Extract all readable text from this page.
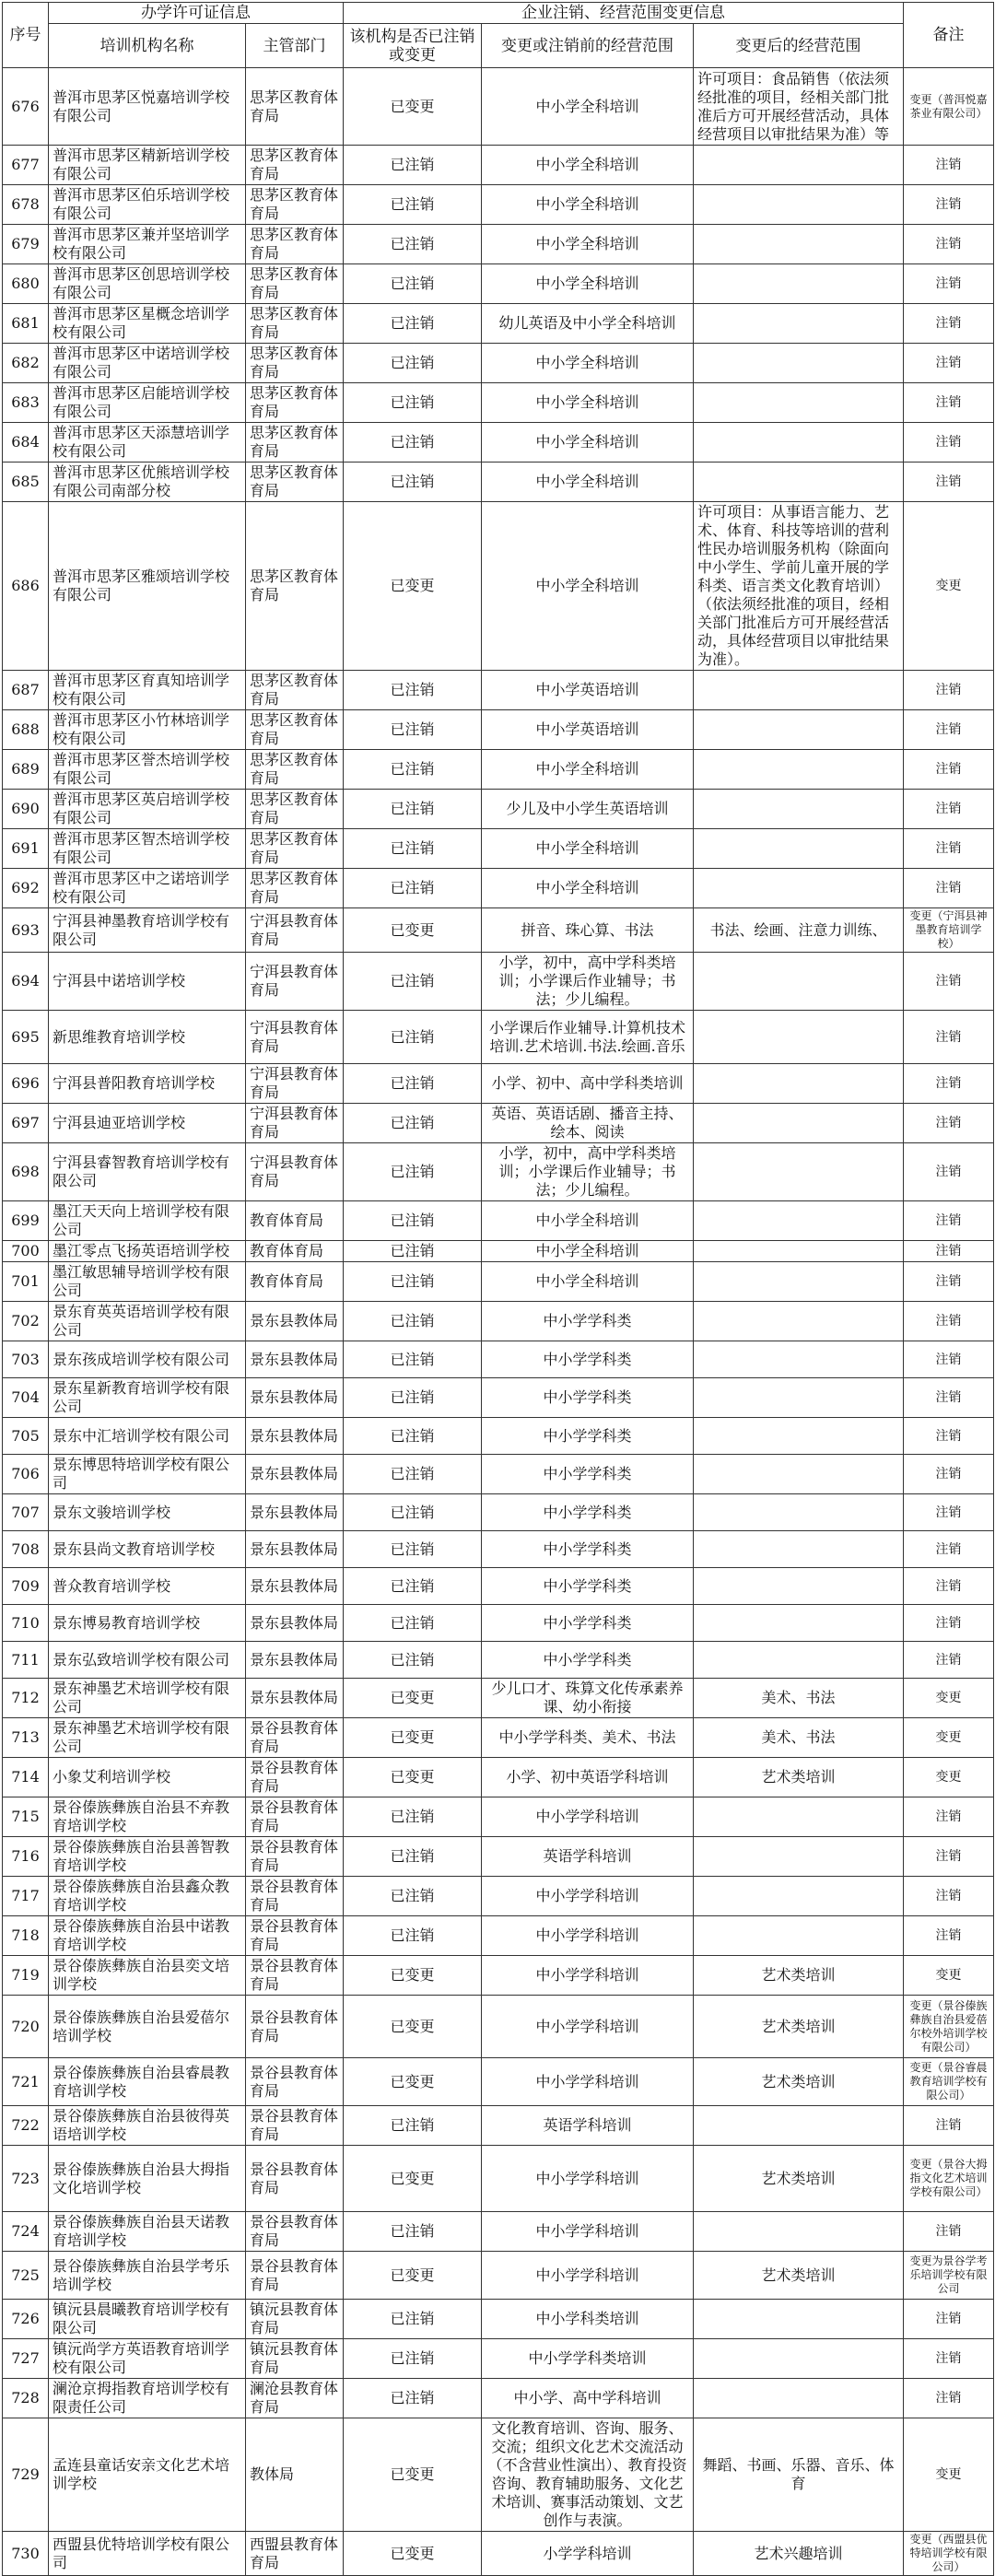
序号	办学许可证信息		企业注销、经营范围变更信息			备注
	培训机构名称	主管部门	该机构是否已注销或变更	变更或注销前的经营范围	变更后的经营范围	
676	普洱市思茅区悦嘉培训学校有限公司	思茅区教育体育局	已变更	中小学全科培训	许可项目：食品销售（依法须经批准的项目，经相关部门批准后方可开展经营活动，具体经营项目以审批结果为准）等	变更（普洱悦嘉茶业有限公司）
677	普洱市思茅区精新培训学校有限公司	思茅区教育体育局	已注销	中小学全科培训		注销
678	普洱市思茅区伯乐培训学校有限公司	思茅区教育体育局	已注销	中小学全科培训		注销
679	普洱市思茅区兼并坚培训学校有限公司	思茅区教育体育局	已注销	中小学全科培训		注销
680	普洱市思茅区创思培训学校有限公司	思茅区教育体育局	已注销	中小学全科培训		注销
681	普洱市思茅区星概念培训学校有限公司	思茅区教育体育局	已注销	幼儿英语及中小学全科培训		注销
682	普洱市思茅区中诺培训学校有限公司	思茅区教育体育局	已注销	中小学全科培训		注销
683	普洱市思茅区启能培训学校有限公司	思茅区教育体育局	已注销	中小学全科培训		注销
684	普洱市思茅区天添慧培训学校有限公司	思茅区教育体育局	已注销	中小学全科培训		注销
685	普洱市思茅区优熊培训学校有限公司南部分校	思茅区教育体育局	已注销	中小学全科培训		注销
686	普洱市思茅区雅颂培训学校有限公司	思茅区教育体育局	已变更	中小学全科培训	许可项目：从事语言能力、艺术、体育、科技等培训的营利性民办培训服务机构（除面向中小学生、学前儿童开展的学科类、语言类文化教育培训）（依法须经批准的项目，经相关部门批准后方可开展经营活动，具体经营项目以审批结果为准）。	变更
687	普洱市思茅区育真知培训学校有限公司	思茅区教育体育局	已注销	中小学英语培训		注销
688	普洱市思茅区小竹林培训学校有限公司	思茅区教育体育局	已注销	中小学英语培训		注销
689	普洱市思茅区誉杰培训学校有限公司	思茅区教育体育局	已注销	中小学全科培训		注销
690	普洱市思茅区英启培训学校有限公司	思茅区教育体育局	已注销	少儿及中小学生英语培训		注销
691	普洱市思茅区智杰培训学校有限公司	思茅区教育体育局	已注销	中小学全科培训		注销
692	普洱市思茅区中之诺培训学校有限公司	思茅区教育体育局	已注销	中小学全科培训		注销
693	宁洱县神墨教育培训学校有限公司	宁洱县教育体育局	已变更	拼音、珠心算、书法	书法、绘画、注意力训练、	变更（宁洱县神墨教育培训学校）
694	宁洱县中诺培训学校	宁洱县教育体育局	已注销	小学，初中，高中学科类培训；小学课后作业辅导；书法；少儿编程。		注销
695	新思维教育培训学校	宁洱县教育体育局	已注销	小学课后作业辅导.计算机技术培训.艺术培训.书法.绘画.音乐		注销
696	宁洱县普阳教育培训学校	宁洱县教育体育局	已注销	小学、初中、高中学科类培训		注销
697	宁洱县迪亚培训学校	宁洱县教育体育局	已注销	英语、英语话剧、播音主持、绘本、阅读		注销
698	宁洱县睿智教育培训学校有限公司	宁洱县教育体育局	已注销	小学，初中，高中学科类培训；小学课后作业辅导；书法；少儿编程。		注销
699	墨江天天向上培训学校有限公司	教育体育局	已注销	中小学全科培训		注销
700	墨江零点飞扬英语培训学校	教育体育局	已注销	中小学全科培训		注销
701	墨江敏思辅导培训学校有限公司	教育体育局	已注销	中小学全科培训		注销
702	景东育英英语培训学校有限公司	景东县教体局	已注销	中小学学科类		注销
703	景东孩成培训学校有限公司	景东县教体局	已注销	中小学学科类		注销
704	景东星新教育培训学校有限公司	景东县教体局	已注销	中小学学科类		注销
705	景东中汇培训学校有限公司	景东县教体局	已注销	中小学学科类		注销
706	景东博思特培训学校有限公司	景东县教体局	已注销	中小学学科类		注销
707	景东文骏培训学校	景东县教体局	已注销	中小学学科类		注销
708	景东县尚文教育培训学校	景东县教体局	已注销	中小学学科类		注销
709	普众教育培训学校	景东县教体局	已注销	中小学学科类		注销
710	景东博易教育培训学校	景东县教体局	已注销	中小学学科类		注销
711	景东弘致培训学校有限公司	景东县教体局	已注销	中小学学科类		注销
712	景东神墨艺术培训学校有限公司	景东县教体局	已变更	少儿口才、珠算文化传承素养课、幼小衔接	美术、书法	变更
713	景东神墨艺术培训学校有限公司	景谷县教育体育局	已变更	中小学学科类、美术、书法	美术、书法	变更
714	小象艾利培训学校	景谷县教育体育局	已变更	小学、初中英语学科培训	艺术类培训	变更
715	景谷傣族彝族自治县不弃教育培训学校	景谷县教育体育局	已注销	中小学学科培训		注销
716	景谷傣族彝族自治县善智教育培训学校	景谷县教育体育局	已注销	英语学科培训		注销
717	景谷傣族彝族自治县鑫众教育培训学校	景谷县教育体育局	已注销	中小学学科培训		注销
718	景谷傣族彝族自治县中诺教育培训学校	景谷县教育体育局	已注销	中小学学科培训		注销
719	景谷傣族彝族自治县奕文培训学校	景谷县教育体育局	已变更	中小学学科培训	艺术类培训	变更
720	景谷傣族彝族自治县爱蓓尔培训学校	景谷县教育体育局	已变更	中小学学科培训	艺术类培训	变更（景谷傣族彝族自治县爱蓓尔校外培训学校有限公司）
721	景谷傣族彝族自治县睿晨教育培训学校	景谷县教育体育局	已变更	中小学学科培训	艺术类培训	变更（景谷睿晨教育培训学校有限公司）
722	景谷傣族彝族自治县彼得英语培训学校	景谷县教育体育局	已注销	英语学科培训		注销
723	景谷傣族彝族自治县大拇指文化培训学校	景谷县教育体育局	已变更	中小学学科培训	艺术类培训	变更（景谷大拇指文化艺术培训学校有限公司）
724	景谷傣族彝族自治县天诺教育培训学校	景谷县教育体育局	已注销	中小学学科培训		注销
725	景谷傣族彝族自治县学考乐培训学校	景谷县教育体育局	已变更	中小学学科培训	艺术类培训	变更为景谷学考乐培训学校有限公司
726	镇沅县晨曦教育培训学校有限公司	镇沅县教育体育局	已注销	中小学科类培训		注销
727	镇沅尚学方英语教育培训学校有限公司	镇沅县教育体育局	已注销	中小学学科类培训		注销
728	澜沧京拇指教育培训学校有限责任公司	澜沧县教育体育局	已注销	中小学、高中学科培训		注销
729	孟连县童话安亲文化艺术培训学校	教体局	已变更	文化教育培训、咨询、服务、交流；组织文化艺术交流活动（不含营业性演出）、教育投资咨询、教育辅助服务、文化艺术培训、赛事活动策划、文艺创作与表演。	舞蹈、书画、乐器、音乐、体育	变更
730	西盟县优特培训学校有限公司	西盟县教育体育局	已变更	小学学科培训	艺术兴趣培训	变更（西盟县优特培训学校有限公司）
